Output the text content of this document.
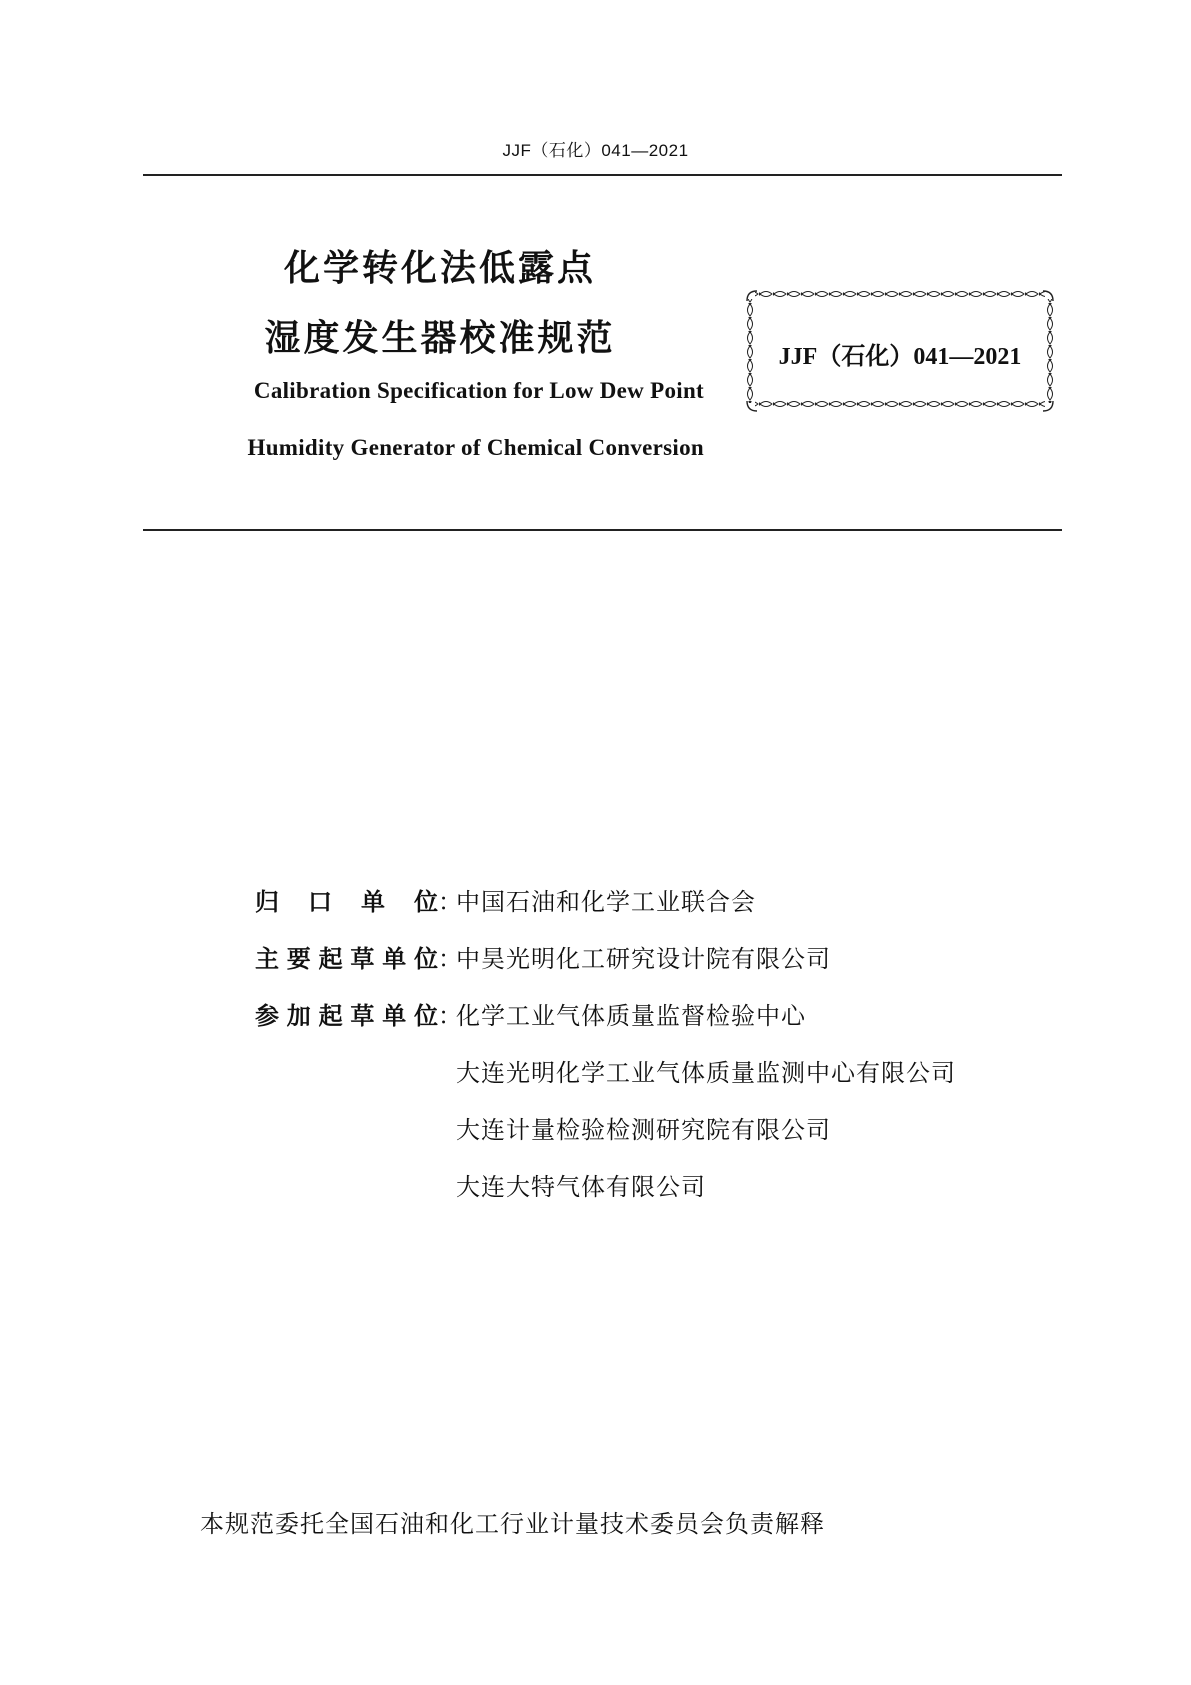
JJF（石化）041—2021
化学转化法低露点
湿度发生器校准规范
Calibration Specification for Low Dew Point
Humidity Generator of Chemical Conversion
JJF（石化）041—2021
归口单位：中国石油和化学工业联合会
主要起草单位：中昊光明化工研究设计院有限公司
参加起草单位：化学工业气体质量监督检验中心
大连光明化学工业气体质量监测中心有限公司
大连计量检验检测研究院有限公司
大连大特气体有限公司
本规范委托全国石油和化工行业计量技术委员会负责解释
